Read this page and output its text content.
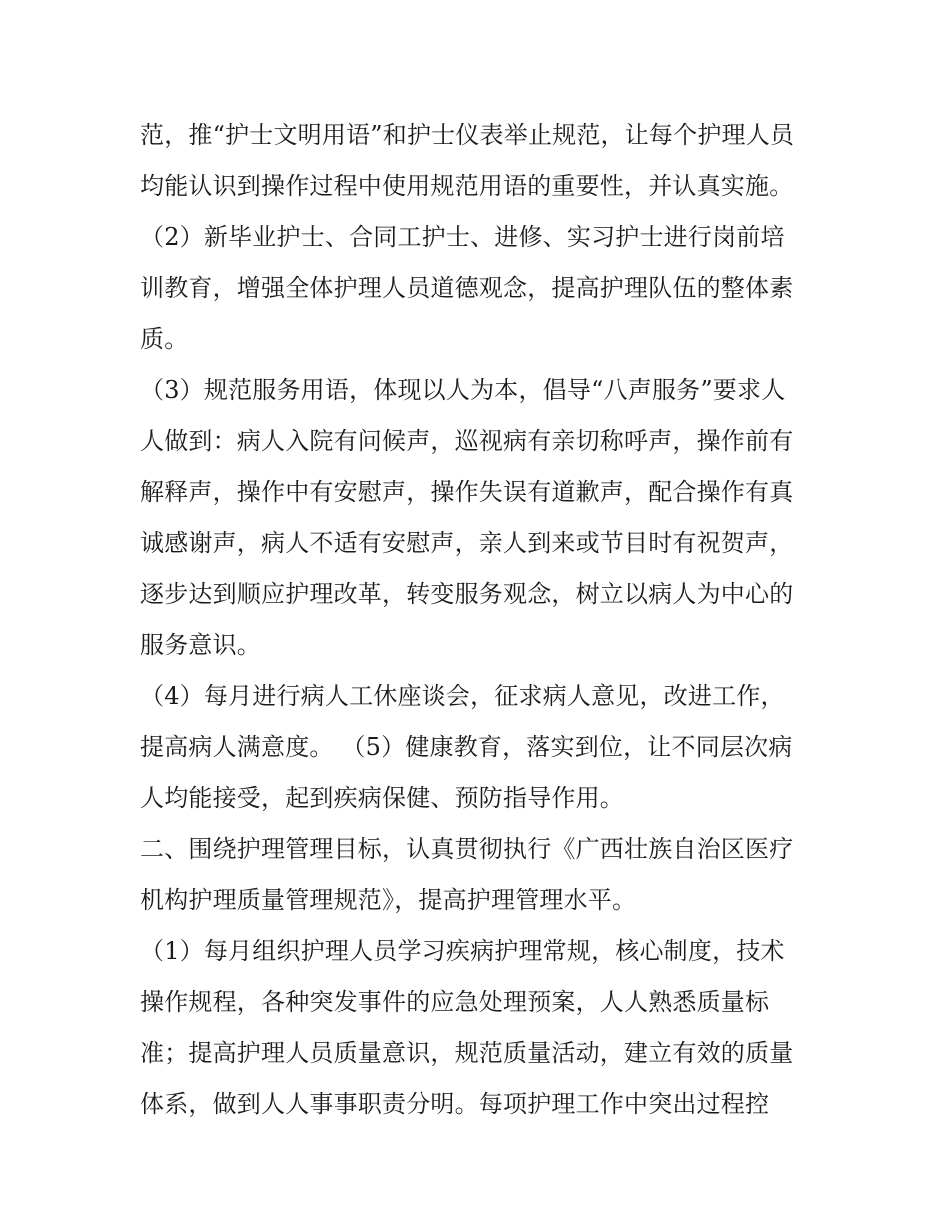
范，推“护士文明用语”和护士仪表举止规范，让每个护理人员
均能认识到操作过程中使用规范用语的重要性，并认真实施。
（2）新毕业护士、合同工护士、进修、实习护士进行岗前培
训教育，增强全体护理人员道德观念，提高护理队伍的整体素
质。
（3）规范服务用语，体现以人为本，倡导“八声服务”要求人
人做到：病人入院有问候声，巡视病有亲切称呼声，操作前有
解释声，操作中有安慰声，操作失误有道歉声，配合操作有真
诚感谢声，病人不适有安慰声，亲人到来或节目时有祝贺声，
逐步达到顺应护理改革，转变服务观念，树立以病人为中心的
服务意识。
（4）每月进行病人工休座谈会，征求病人意见，改进工作，
提高病人满意度。 （5）健康教育，落实到位，让不同层次病
人均能接受，起到疾病保健、预防指导作用。
二、围绕护理管理目标，认真贯彻执行《广西壮族自治区医疗
机构护理质量管理规范》，提高护理管理水平。
（1）每月组织护理人员学习疾病护理常规，核心制度，技术
操作规程，各种突发事件的应急处理预案，人人熟悉质量标
准；提高护理人员质量意识，规范质量活动，建立有效的质量
体系，做到人人事事职责分明。每项护理工作中突出过程控
